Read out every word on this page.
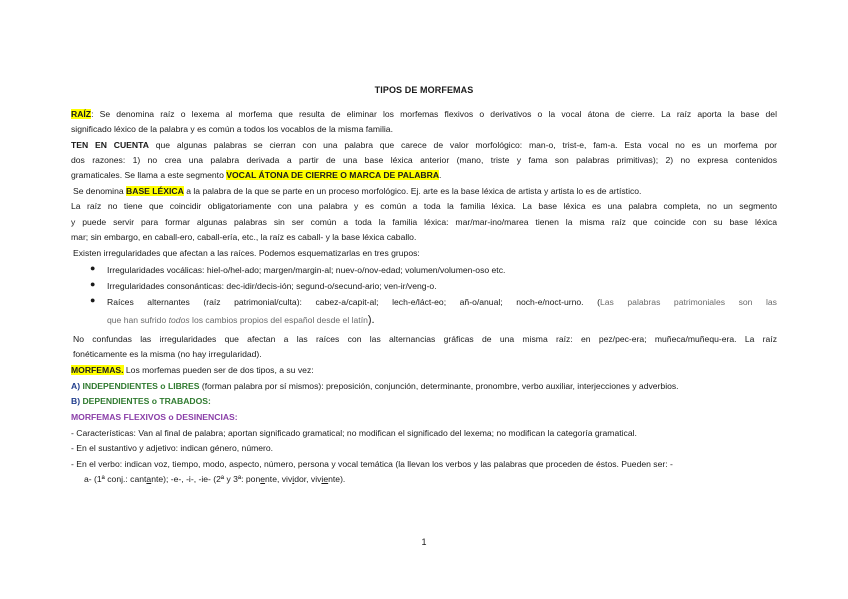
TIPOS DE MORFEMAS
RAÍZ: Se denomina raíz o lexema al morfema que resulta de eliminar los morfemas flexivos o derivativos o la vocal átona de cierre. La raíz aporta la base del
significado léxico de la palabra y es común a todos los vocablos de la misma familia.
TEN EN CUENTA que algunas palabras se cierran con una palabra que carece de valor morfológico: man-o, trist-e, fam-a. Esta vocal no es un morfema por
dos razones: 1) no crea una palabra derivada a partir de una base léxica anterior (mano, triste y fama son palabras primitivas); 2) no expresa contenidos
gramaticales. Se llama a este segmento VOCAL ÁTONA DE CIERRE O MARCA DE PALABRA.
Se denomina BASE LÉXICA a la palabra de la que se parte en un proceso morfológico. Ej. arte es la base léxica de artista y artista lo es de artístico.
La raíz no tiene que coincidir obligatoriamente con una palabra y es común a toda la familia léxica. La base léxica es una palabra completa, no un segmento
y puede servir para formar algunas palabras sin ser común a toda la familia léxica: mar/mar-ino/marea tienen la misma raíz que coincide con su base léxica
mar; sin embargo, en caball-ero, caball-ería, etc., la raíz es caball- y la base léxica caballo.
Existen irregularidades que afectan a las raíces. Podemos esquematizarlas en tres grupos:
● Irregularidades vocálicas: hiel-o/hel-ado; margen/margin-al; nuev-o/nov-edad; volumen/volumen-oso etc.
● Irregularidades consonánticas: dec-idir/decis-ión; segund-o/secund-ario; ven-ir/veng-o.
● Raíces alternantes (raíz patrimonial/culta): cabez-a/capit-al; lech-e/láct-eo; añ-o/anual; noch-e/noct-urno. (Las palabras patrimoniales son las
que han sufrido todos los cambios propios del español desde el latín).
No confundas las irregularidades que afectan a las raíces con las alternancias gráficas de una misma raíz: en pez/pec-era; muñeca/muñequ-era. La raíz
fonéticamente es la misma (no hay irregularidad).
MORFEMAS. Los morfemas pueden ser de dos tipos, a su vez:
A) INDEPENDIENTES o LIBRES (forman palabra por sí mismos): preposición, conjunción, determinante, pronombre, verbo auxiliar, interjecciones y adverbios.
B) DEPENDIENTES o TRABADOS:
MORFEMAS FLEXIVOS o DESINENCIAS:
- Características: Van al final de palabra; aportan significado gramatical; no modifican el significado del lexema; no modifican la categoría gramatical.
- En el sustantivo y adjetivo: indican género, número.
- En el verbo: indican voz, tiempo, modo, aspecto, número, persona y vocal temática (la llevan los verbos y las palabras que proceden de éstos. Pueden ser: -
a- (1ª conj.: cantante); -e-, -i-, -ie- (2ª y 3ª: ponente, vividor, viviente).
1
